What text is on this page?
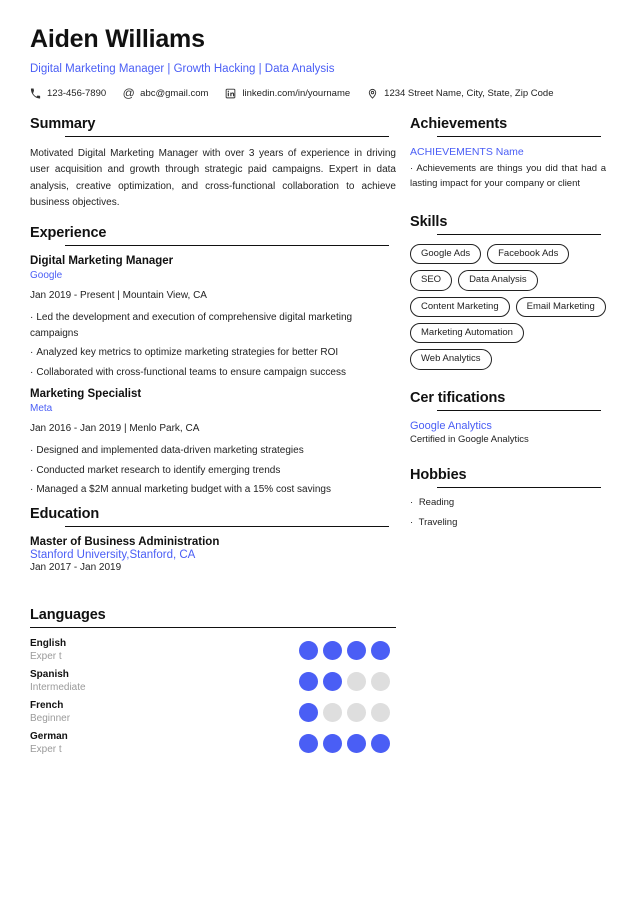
Aiden Williams
Digital Marketing Manager | Growth Hacking | Data Analysis
123-456-7890 @ abc@gmail.com	linkedin.com/in/yourname	1234 Street Name, City, State, Zip Code
Summary

Motivated Digital Marketing Manager with over 3 years of experience in driving user acquisition and growth through strategic paid campaigns. Expert in data analysis, creative optimization, and cross-functional collaboration to achieve business objectives.

Experience
Digital Marketing Manager
Google
Jan 2019 - Present | Mountain View, CA
· Led the development and execution of comprehensive digital marketing campaigns
· Analyzed key metrics to optimize marketing strategies for better ROI
· Collaborated with cross-functional teams to ensure campaign success
Marketing Specialist
Meta
Jan 2016 - Jan 2019 | Menlo Park, CA
· Designed and implemented data-driven marketing strategies
· Conducted market research to identify emerging trends
· Managed a $2M annual marketing budget with a 15% cost savings
Education
Master of Business Administration
Stanford University,Stanford, CA
Jan 2017 - Jan 2019
Languages

English

Exper t

Spanish

Intermediate

French

Beginner

German

Exper t

Achievements
ACHIEVEMENTS Name

· Achievements are things you did that had a lasting impact for your company or client

Skills
Google Ads	Facebook Ads
SEO	Data Analysis
Content Marketing	Email Marketing
Marketing Automation
Web Analytics
Cer tifications
Google Analytics
Certified in Google Analytics
Hobbies
· Reading
· Traveling
